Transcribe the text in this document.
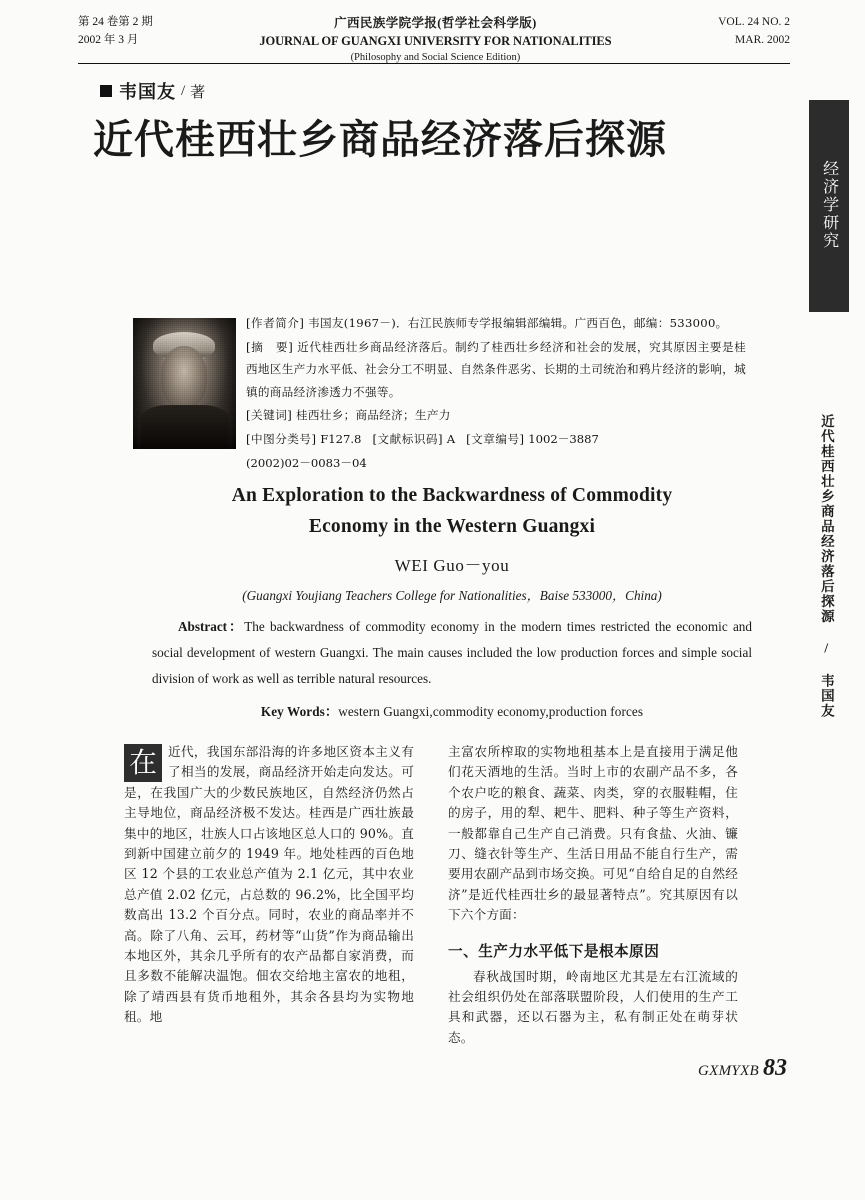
第 24 卷第 2 期
2002 年 3 月
广西民族学院学报(哲学社会科学版)
JOURNAL OF GUANGXI UNIVERSITY FOR NATIONALITIES
(Philosophy and Social Science Edition)
VOL. 24 NO. 2
MAR. 2002
韦国友 / 著
近代桂西壮乡商品经济落后探源
经济学研究 近代桂西壮乡商品经济落后探源 / 韦国友

[作者简介] 韦国友(1967－)．右江民族师专学报编辑部编辑。广西百色，邮编：533000。

[摘　要] 近代桂西壮乡商品经济落后。制约了桂西壮乡经济和社会的发展，究其原因主要是桂西地区生产力水平低、社会分工不明显、自然条件恶劣、长期的土司统治和鸦片经济的影响，城镇的商品经济渗透力不强等。

[关键词] 桂西壮乡；商品经济；生产力

[中图分类号] F127.8 [文献标识码] A [文章编号] 1002－3887

(2002)02－0083－04

An Exploration to the Backwardness of Commodity
Economy in the Western Guangxi
WEI Guo－you
(Guangxi Youjiang Teachers College for Nationalities，Baise 533000，China)
Abstract：The backwardness of commodity economy in the modern times restricted the economic and social development of western Guangxi. The main causes included the low production forces and simple social division of work as well as terrible natural resources.
Key Words：western Guangxi,commodity economy,production forces
在 近代，我国东部沿海的许多地区资本主义有了相当的发展，商品经济开始走向发达。可是，在我国广大的少数民族地区，自然经济仍然占主导地位，商品经济极不发达。桂西是广西壮族最集中的地区，壮族人口占该地区总人口的 90%。直到新中国建立前夕的 1949 年。地处桂西的百色地区 12 个县的工农业总产值为 2.1 亿元，其中农业总产值 2.02 亿元，占总数的 96.2%，比全国平均数高出 13.2 个百分点。同时，农业的商品率并不高。除了八角、云耳，药材等“山货”作为商品输出本地区外，其余几乎所有的农产品都自家消费，而且多数不能解决温饱。佃农交给地主富农的地租，除了靖西县有货币地租外，其余各县均为实物地租。地

主富农所榨取的实物地租基本上是直接用于满足他们花天酒地的生活。当时上市的农副产品不多，各个农户吃的粮食、蔬菜、肉类，穿的衣服鞋帽，住的房子，用的犁、耙牛、肥料、种子等生产资料，一般都靠自己生产自己消费。只有食盐、火油、镰刀、缝衣针等生产、生活日用品不能自行生产，需要用农副产品到市场交换。可见“自给自足的自然经济”是近代桂西壮乡的最显著特点”。究其原因有以下六个方面：

一、生产力水平低下是根本原因

春秋战国时期，岭南地区尤其是左右江流域的社会组织仍处在部落联盟阶段，人们使用的生产工具和武器，还以石器为主，私有制正处在萌芽状态。

GXMYXB 83
